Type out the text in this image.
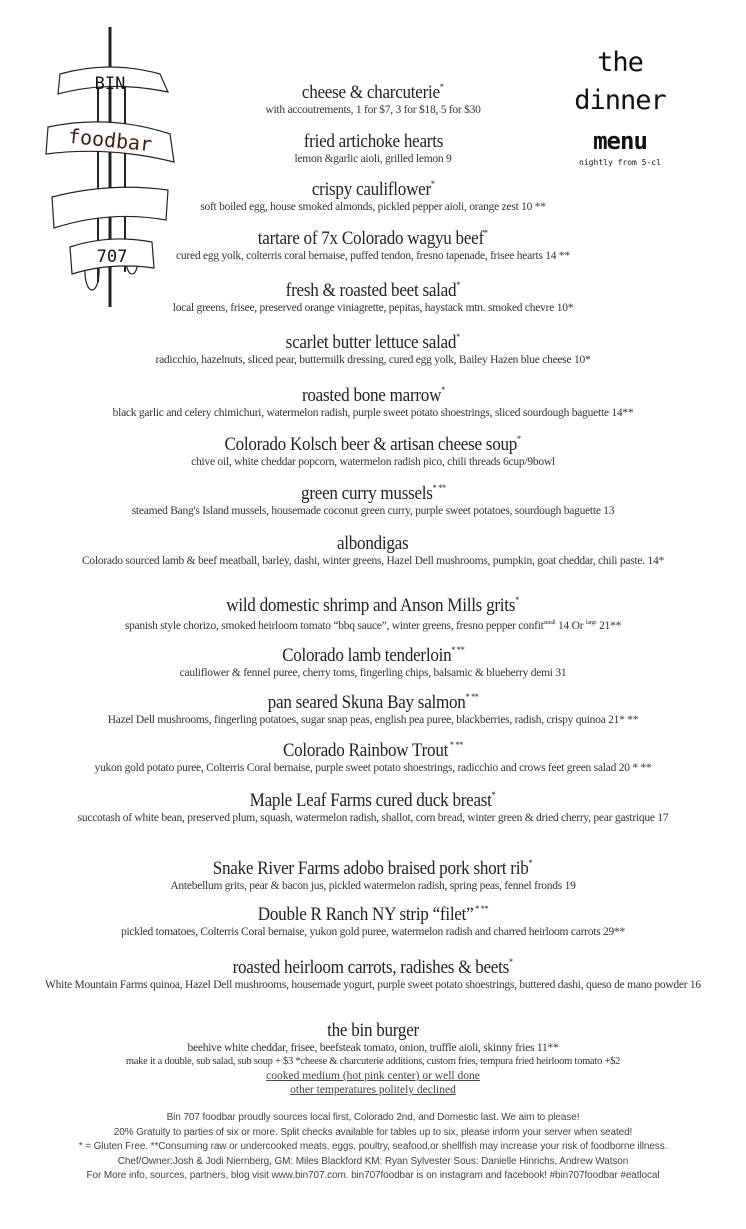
BIN
foodbar
707
the
dinner
menu
nightly from 5-cl
cheese & charcuterie*
with accoutrements, 1 for $7, 3 for $18, 5 for $30
fried artichoke hearts
lemon &garlic aioli, grilled lemon 9
crispy cauliflower*
soft boiled egg, house smoked almonds, pickled pepper aioli, orange zest 10 **
tartare of 7x Colorado wagyu beef*
cured egg yolk, colterris coral bernaise, puffed tendon, fresno tapenade, frisee hearts 14 **
fresh & roasted beet salad*
local greens, frisee, preserved orange viniagrette, pepitas, haystack mtn. smoked chevre 10*
scarlet butter lettuce salad*
radicchio, hazelnuts, sliced pear, buttermilk dressing, cured egg yolk, Bailey Hazen blue cheese 10*
roasted bone marrow*
black garlic and celery chimichuri, watermelon radish, purple sweet potato shoestrings, sliced sourdough baguette 14**
Colorado Kolsch beer & artisan cheese soup*
chive oil, white cheddar popcorn, watermelon radish pico, chili threads 6cup/9bowl
green curry mussels* **
steamed Bang's Island mussels, housemade coconut green curry, purple sweet potatoes, sourdough baguette 13
albondigas
Colorado sourced lamb & beef meatball, barley, dashi, winter greens, Hazel Dell mushrooms, pumpkin, goat cheddar, chili paste. 14*
wild domestic shrimp and Anson Mills grits*
spanish style chorizo, smoked heirloom tomato “bbq sauce”, winter greens, fresno pepper confit$^{small}$ 14 Or $^{large}$ 21**
Colorado lamb tenderloin* **
cauliflower & fennel puree, cherry toms, fingerling chips, balsamic & blueberry demi 31
pan seared Skuna Bay salmon* **
Hazel Dell mushrooms, fingerling potatoes, sugar snap peas, english pea puree, blackberries, radish, crispy quinoa 21* **
Colorado Rainbow Trout * **
yukon gold potato puree, Colterris Coral bernaise, purple sweet potato shoestrings, radicchio and crows feet green salad 20 * **
Maple Leaf Farms cured duck breast*
succotash of white bean, preserved plum, squash, watermelon radish, shallot, corn bread, winter green & dried cherry, pear gastrique 17
Snake River Farms adobo braised pork short rib*
Antebellum grits, pear & bacon jus, pickled watermelon radish, spring peas, fennel fronds 19
Double R Ranch NY strip “filet” * **
pickled tomatoes, Colterris Coral bernaise, yukon gold puree, watermelon radish and charred heirloom carrots 29**
roasted heirloom carrots, radishes & beets*
White Mountain Farms quinoa, Hazel Dell mushrooms, housemade yogurt, purple sweet potato shoestrings, buttered dashi, queso de mano powder 16
the bin burger
beehive white cheddar, frisee, beefsteak tomato, onion, truffle aioli, skinny fries 11**
make it a double, sub salad, sub soup + $3 *cheese & charcuterie additions, custom fries, tempura fried heirloom tomato +$2
cooked medium (hot pink center) or well done
other temperatures politely declined
Bin 707 foodbar proudly sources local first, Colorado 2nd, and Domestic last. We aim to please!
20% Gratuity to parties of six or more. Split checks available for tables up to six, please inform your server when seated!
* = Gluten Free. **Consuming raw or undercooked meats, eggs, poultry, seafood,or shellfish may increase your risk of foodborne illness.
Chef/Owner:Josh & Jodi Niernberg, GM: Miles Blackford KM: Ryan Sylvester Sous: Danielle Hinrichs, Andrew Watson
For More info, sources, partners, blog visit www.bin707.com. bin707foodbar is on instagram and facebook! #bin707foodbar #eatlocal
